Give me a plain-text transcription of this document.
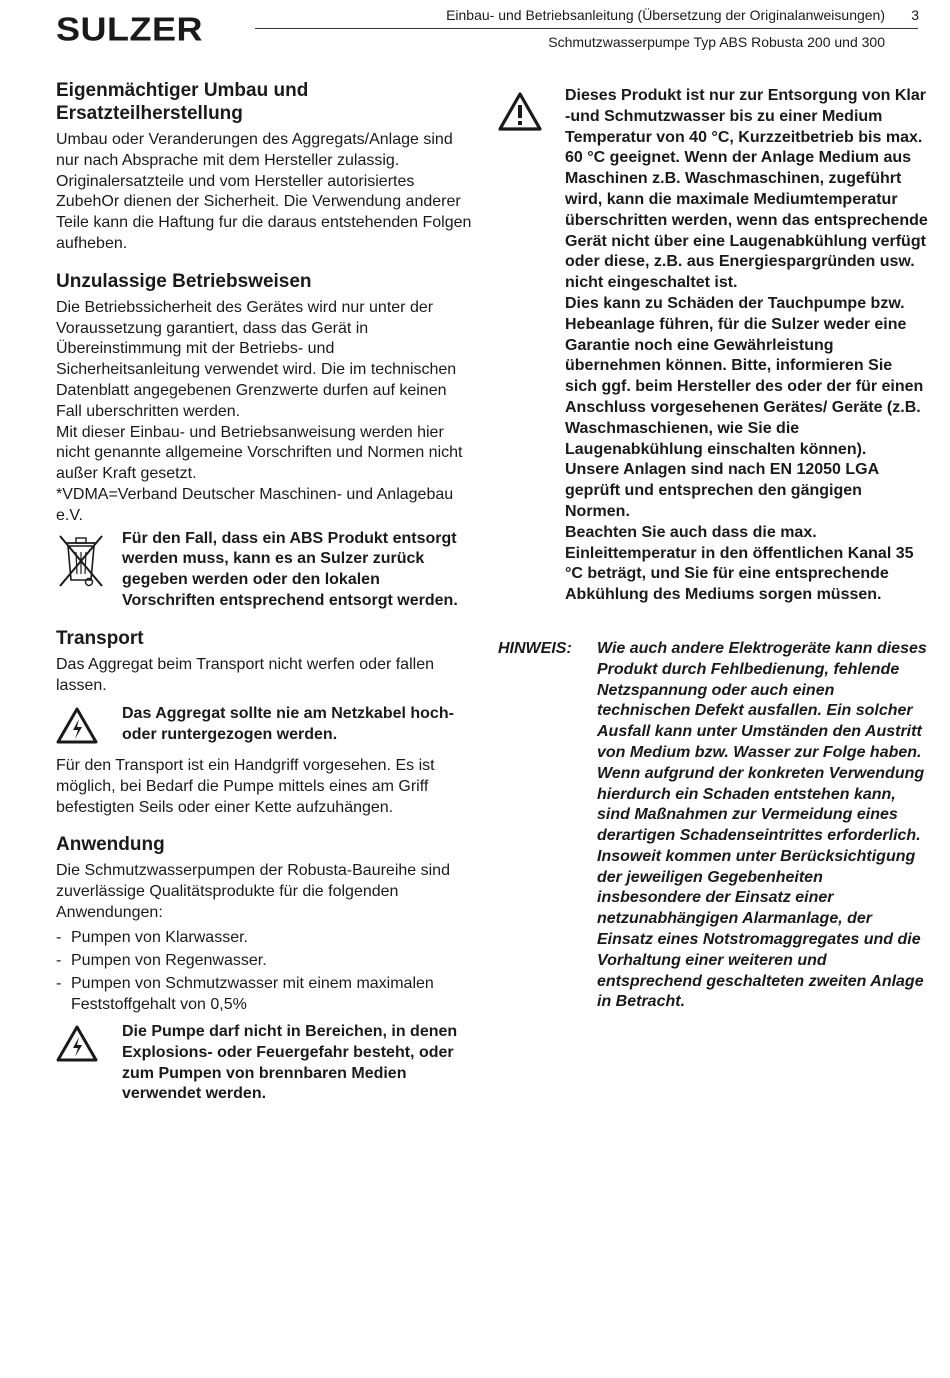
SULZER	Einbau- und Betriebsanleitung (Übersetzung der Originalanweisungen)	3
Schmutzwasserpumpe Typ ABS Robusta 200 und 300
Eigenmächtiger Umbau und Ersatzteilherstellung

Umbau oder Veranderungen des Aggregats/Anlage sind nur nach Absprache mit dem Hersteller zulassig. Originalersatzteile und vom Hersteller autorisiertes ZubehOr dienen der Sicherheit. Die Verwendung anderer Teile kann die Haftung fur die daraus entstehenden Folgen aufheben.

Unzulassige Betriebsweisen

Die Betriebssicherheit des Gerätes wird nur unter der Voraussetzung garantiert, dass das Gerät in Übereinstimmung mit der Betriebs- und Sicherheitsanleitung verwendet wird. Die im technischen Datenblatt angegebenen Grenzwerte durfen auf keinen Fall uberschritten werden.

Mit dieser Einbau- und Betriebsanweisung werden hier nicht genannte allgemeine Vorschriften und Normen nicht außer Kraft gesetzt.

*VDMA=Verband Deutscher Maschinen- und Anlagebau e.V.

Für den Fall, dass ein ABS Produkt entsorgt werden muss, kann es an Sulzer zurück gegeben werden oder den lokalen Vorschriften entsprechend entsorgt werden.
Transport

Das Aggregat beim Transport nicht werfen oder fallen lassen.

Das Aggregat sollte nie am Netzkabel hoch- oder runtergezogen werden.

Für den Transport ist ein Handgriff vorgesehen. Es ist möglich, bei Bedarf die Pumpe mittels eines am Griff befestigten Seils oder einer Kette aufzuhängen.

Anwendung

Die Schmutzwasserpumpen der Robusta-Baureihe sind zuverlässige Qualitätsprodukte für die folgenden Anwendungen:

- Pumpen von Klarwasser.
- Pumpen von Regenwasser.
- Pumpen von Schmutzwasser mit einem maximalen Feststoffgehalt von 0,5%
Die Pumpe darf nicht in Bereichen, in denen Explosions- oder Feuergefahr besteht, oder zum Pumpen von brennbaren Medien verwendet werden.
Dieses Produkt ist nur zur Entsorgung von Klar -und Schmutzwasser bis zu einer Medium Temperatur von 40 °C, Kurzzeitbetrieb bis max. 60 °C geeignet. Wenn der Anlage Medium aus Maschinen z.B. Waschmaschinen, zugeführt wird, kann die maximale Mediumtemperatur überschritten werden, wenn das entsprechende Gerät nicht über eine Laugenabkühlung verfügt oder diese, z.B. aus Energiespargründen usw. nicht eingeschaltet ist.
Dies kann zu Schäden der Tauchpumpe bzw. Hebeanlage führen, für die Sulzer weder eine Garantie noch eine Gewährleistung übernehmen können. Bitte, informieren Sie sich ggf. beim Hersteller des oder der für einen Anschluss vorgesehenen Gerätes/ Geräte (z.B. Waschmaschienen, wie Sie die Laugenabkühlung einschalten können).
Unsere Anlagen sind nach EN 12050 LGA geprüft und entsprechen den gängigen Normen.
Beachten Sie auch dass die max. Einleittemperatur in den öffentlichen Kanal 35 °C beträgt, und Sie für eine entsprechende Abkühlung des Mediums sorgen müssen.
HINWEIS:	Wie auch andere Elektrogeräte kann dieses Produkt durch Fehlbedienung, fehlende Netzspannung oder auch einen technischen Defekt ausfallen. Ein solcher Ausfall kann unter Umständen den Austritt von Medium bzw. Wasser zur Folge haben. Wenn aufgrund der konkreten Verwendung hierdurch ein Schaden entstehen kann, sind Maßnahmen zur Vermeidung eines derartigen Schadenseintrittes erforderlich. Insoweit kommen unter Berücksichtigung der jeweiligen Gegebenheiten insbesondere der Einsatz einer netzunabhängigen Alarmanlage, der Einsatz eines Notstromaggregates und die Vorhaltung einer weiteren und entsprechend geschalteten zweiten Anlage in Betracht.
